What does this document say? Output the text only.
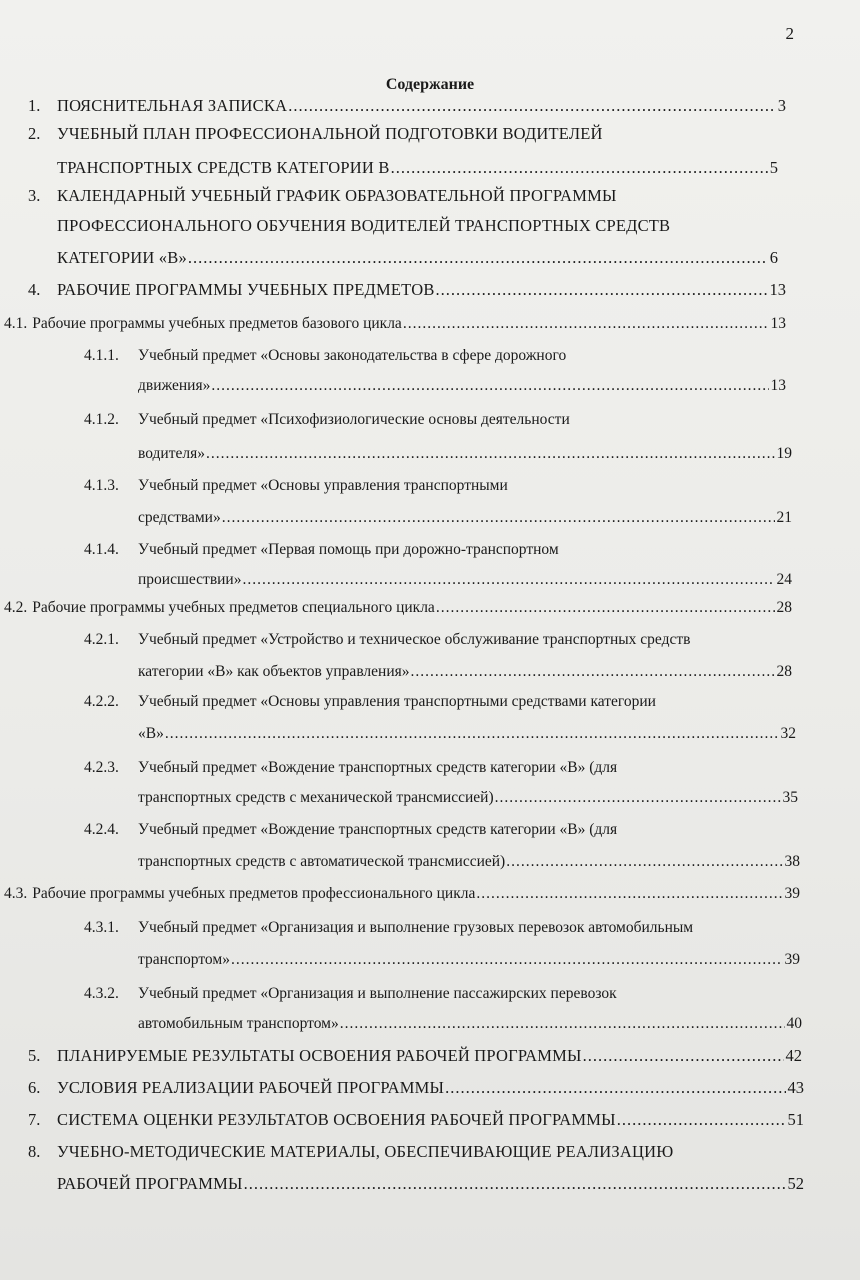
2
Содержание
1. ПОЯСНИТЕЛЬНАЯ ЗАПИСКА .....	3
2. УЧЕБНЫЙ ПЛАН ПРОФЕССИОНАЛЬНОЙ ПОДГОТОВКИ ВОДИТЕЛЕЙ
ТРАНСПОРТНЫХ СРЕДСТВ КАТЕГОРИИ В .....	5
3. КАЛЕНДАРНЫЙ УЧЕБНЫЙ ГРАФИК ОБРАЗОВАТЕЛЬНОЙ ПРОГРАММЫ
ПРОФЕССИОНАЛЬНОГО ОБУЧЕНИЯ ВОДИТЕЛЕЙ ТРАНСПОРТНЫХ СРЕДСТВ
КАТЕГОРИИ «В» .....	6
4. РАБОЧИЕ ПРОГРАММЫ УЧЕБНЫХ ПРЕДМЕТОВ .....	13
4.1. Рабочие программы учебных предметов базового цикла .....	13
4.1.1. Учебный предмет «Основы законодательства в сфере дорожного
движения» .....	13
4.1.2. Учебный предмет «Психофизиологические основы деятельности
водителя» .....	19
4.1.3. Учебный предмет «Основы управления транспортными
средствами» .....	21
4.1.4. Учебный предмет «Первая помощь при дорожно-транспортном
происшествии» .....	24
4.2. Рабочие программы учебных предметов специального цикла .....	28
4.2.1. Учебный предмет «Устройство и техническое обслуживание транспортных средств
категории «В» как объектов управления» .....	28
4.2.2. Учебный предмет «Основы управления транспортными средствами категории
«В» .....	32
4.2.3. Учебный предмет «Вождение транспортных средств категории «В» (для
транспортных средств с механической трансмиссией) .....	35
4.2.4. Учебный предмет «Вождение транспортных средств категории «В» (для
транспортных средств с автоматической трансмиссией) .....	38
4.3. Рабочие программы учебных предметов профессионального цикла .....	39
4.3.1. Учебный предмет «Организация и выполнение грузовых перевозок автомобильным
транспортом» .....	39
4.3.2. Учебный предмет «Организация и выполнение пассажирских перевозок
автомобильным транспортом» .....	40
5. ПЛАНИРУЕМЫЕ РЕЗУЛЬТАТЫ ОСВОЕНИЯ РАБОЧЕЙ ПРОГРАММЫ .....	42
6. УСЛОВИЯ РЕАЛИЗАЦИИ РАБОЧЕЙ ПРОГРАММЫ .....	43
7. СИСТЕМА ОЦЕНКИ РЕЗУЛЬТАТОВ ОСВОЕНИЯ РАБОЧЕЙ ПРОГРАММЫ .....	51
8. УЧЕБНО-МЕТОДИЧЕСКИЕ МАТЕРИАЛЫ, ОБЕСПЕЧИВАЮЩИЕ РЕАЛИЗАЦИЮ
РАБОЧЕЙ ПРОГРАММЫ .....	52
